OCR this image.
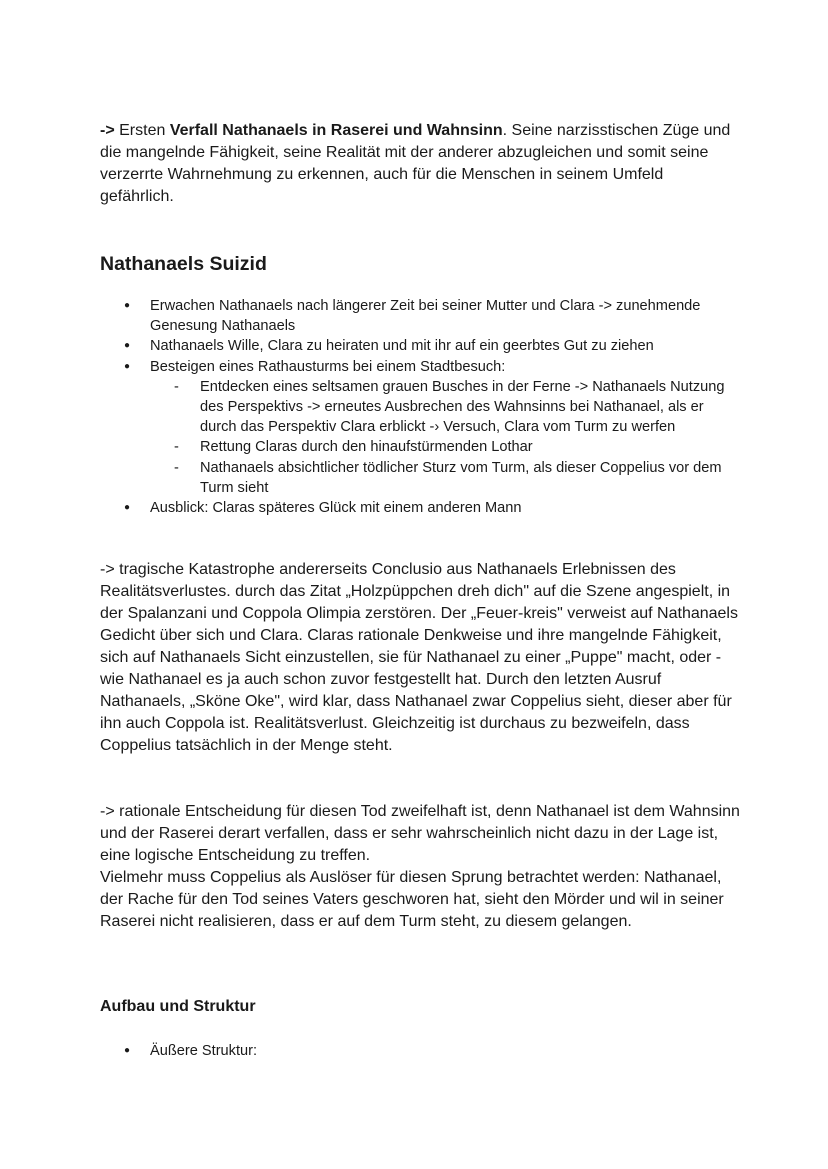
-> Ersten Verfall Nathanaels in Raserei und Wahnsinn. Seine narzisstischen Züge und die mangelnde Fähigkeit, seine Realität mit der anderer abzugleichen und somit seine verzerrte Wahrnehmung zu erkennen, auch für die Menschen in seinem Umfeld gefährlich.

Nathanaels Suizid
● Erwachen Nathanaels nach längerer Zeit bei seiner Mutter und Clara -> zunehmende Genesung Nathanaels
● Nathanaels Wille, Clara zu heiraten und mit ihr auf ein geerbtes Gut zu ziehen
● Besteigen eines Rathausturms bei einem Stadtbesuch:
- Entdecken eines seltsamen grauen Busches in der Ferne -> Nathanaels Nutzung des Perspektivs -> erneutes Ausbrechen des Wahnsinns bei Nathanael, als er durch das Perspektiv Clara erblickt -› Versuch, Clara vom Turm zu werfen
- Rettung Claras durch den hinaufstürmenden Lothar
- Nathanaels absichtlicher tödlicher Sturz vom Turm, als dieser Coppelius vor dem Turm sieht
● Ausblick: Claras späteres Glück mit einem anderen Mann

-> tragische Katastrophe andererseits Conclusio aus Nathanaels Erlebnissen des Realitätsverlustes. durch das Zitat „Holzpüppchen dreh dich" auf die Szene angespielt, in der Spalanzani und Coppola Olimpia zerstören. Der „Feuer-kreis" verweist auf Nathanaels Gedicht über sich und Clara. Claras rationale Denkweise und ihre mangelnde Fähigkeit, sich auf Nathanaels Sicht einzustellen, sie für Nathanael zu einer „Puppe" macht, oder - wie Nathanael es ja auch schon zuvor festgestellt hat. Durch den letzten Ausruf Nathanaels, „Sköne Oke", wird klar, dass Nathanael zwar Coppelius sieht, dieser aber für ihn auch Coppola ist. Realitätsverlust. Gleichzeitig ist durchaus zu bezweifeln, dass Coppelius tatsächlich in der Menge steht.

-> rationale Entscheidung für diesen Tod zweifelhaft ist, denn Nathanael ist dem Wahnsinn und der Raserei derart verfallen, dass er sehr wahrscheinlich nicht dazu in der Lage ist, eine logische Entscheidung zu treffen.

Vielmehr muss Coppelius als Auslöser für diesen Sprung betrachtet werden: Nathanael, der Rache für den Tod seines Vaters geschworen hat, sieht den Mörder und wil in seiner Raserei nicht realisieren, dass er auf dem Turm steht, zu diesem gelangen.

Aufbau und Struktur
●	Äußere Struktur:
